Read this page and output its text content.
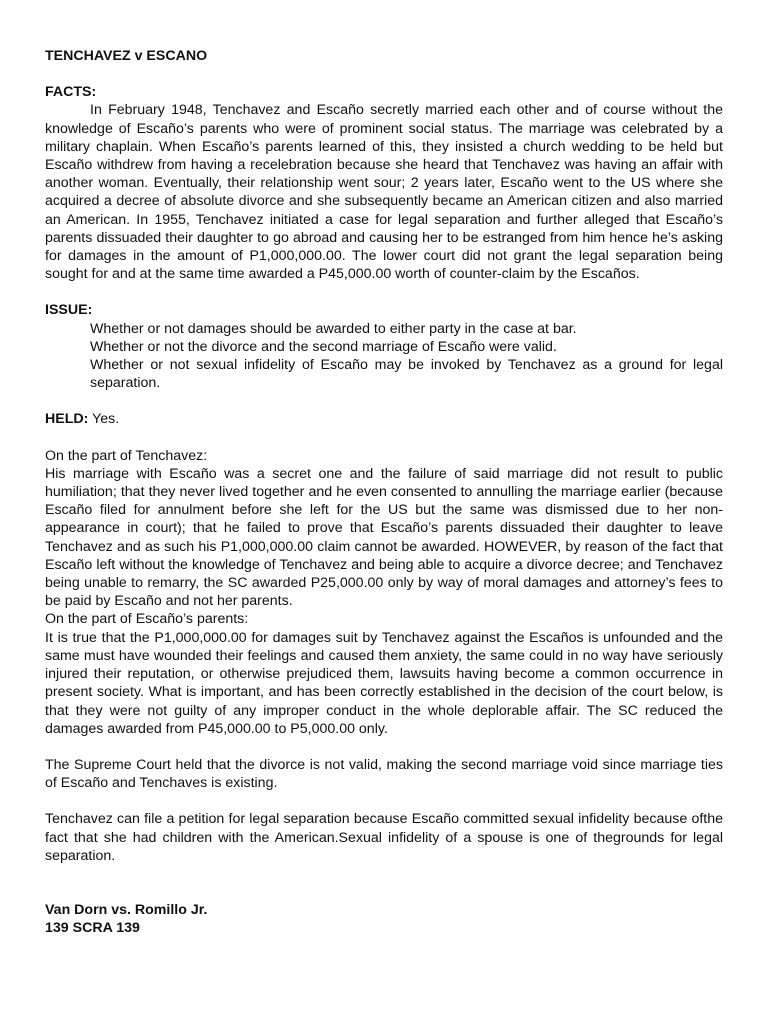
TENCHAVEZ v ESCANO
FACTS:

In February 1948, Tenchavez and Escaño secretly married each other and of course without the knowledge of Escaño’s parents who were of prominent social status. The marriage was celebrated by a military chaplain. When Escaño’s parents learned of this, they insisted a church wedding to be held but Escaño withdrew from having a recelebration because she heard that Tenchavez was having an affair with another woman. Eventually, their relationship went sour; 2 years later, Escaño went to the US where she acquired a decree of absolute divorce and she subsequently became an American citizen and also married an American. In 1955, Tenchavez initiated a case for legal separation and further alleged that Escaño’s parents dissuaded their daughter to go abroad and causing her to be estranged from him hence he’s asking for damages in the amount of P1,000,000.00. The lower court did not grant the legal separation being sought for and at the same time awarded a P45,000.00 worth of counter-claim by the Escaños.

ISSUE:

Whether or not damages should be awarded to either party in the case at bar.

Whether or not the divorce and the second marriage of Escaño were valid.

Whether or not sexual infidelity of Escaño may be invoked by Tenchavez as a ground for legal separation.

HELD: Yes.

On the part of Tenchavez:

His marriage with Escaño was a secret one and the failure of said marriage did not result to public humiliation; that they never lived together and he even consented to annulling the marriage earlier (because Escaño filed for annulment before she left for the US but the same was dismissed due to her non-appearance in court); that he failed to prove that Escaño’s parents dissuaded their daughter to leave Tenchavez and as such his P1,000,000.00 claim cannot be awarded. HOWEVER, by reason of the fact that Escaño left without the knowledge of Tenchavez and being able to acquire a divorce decree; and Tenchavez being unable to remarry, the SC awarded P25,000.00 only by way of moral damages and attorney’s fees to be paid by Escaño and not her parents.

On the part of Escaño’s parents:

It is true that the P1,000,000.00 for damages suit by Tenchavez against the Escaños is unfounded and the same must have wounded their feelings and caused them anxiety, the same could in no way have seriously injured their reputation, or otherwise prejudiced them, lawsuits having become a common occurrence in present society. What is important, and has been correctly established in the decision of the court below, is that they were not guilty of any improper conduct in the whole deplorable affair. The SC reduced the damages awarded from P45,000.00 to P5,000.00 only.

The Supreme Court held that the divorce is not valid, making the second marriage void since marriage ties of Escaño and Tenchaves is existing.

Tenchavez can file a petition for legal separation because Escaño committed sexual infidelity because ofthe fact that she had children with the American.Sexual infidelity of a spouse is one of thegrounds for legal separation.

Van Dorn vs. Romillo Jr.
139 SCRA 139
